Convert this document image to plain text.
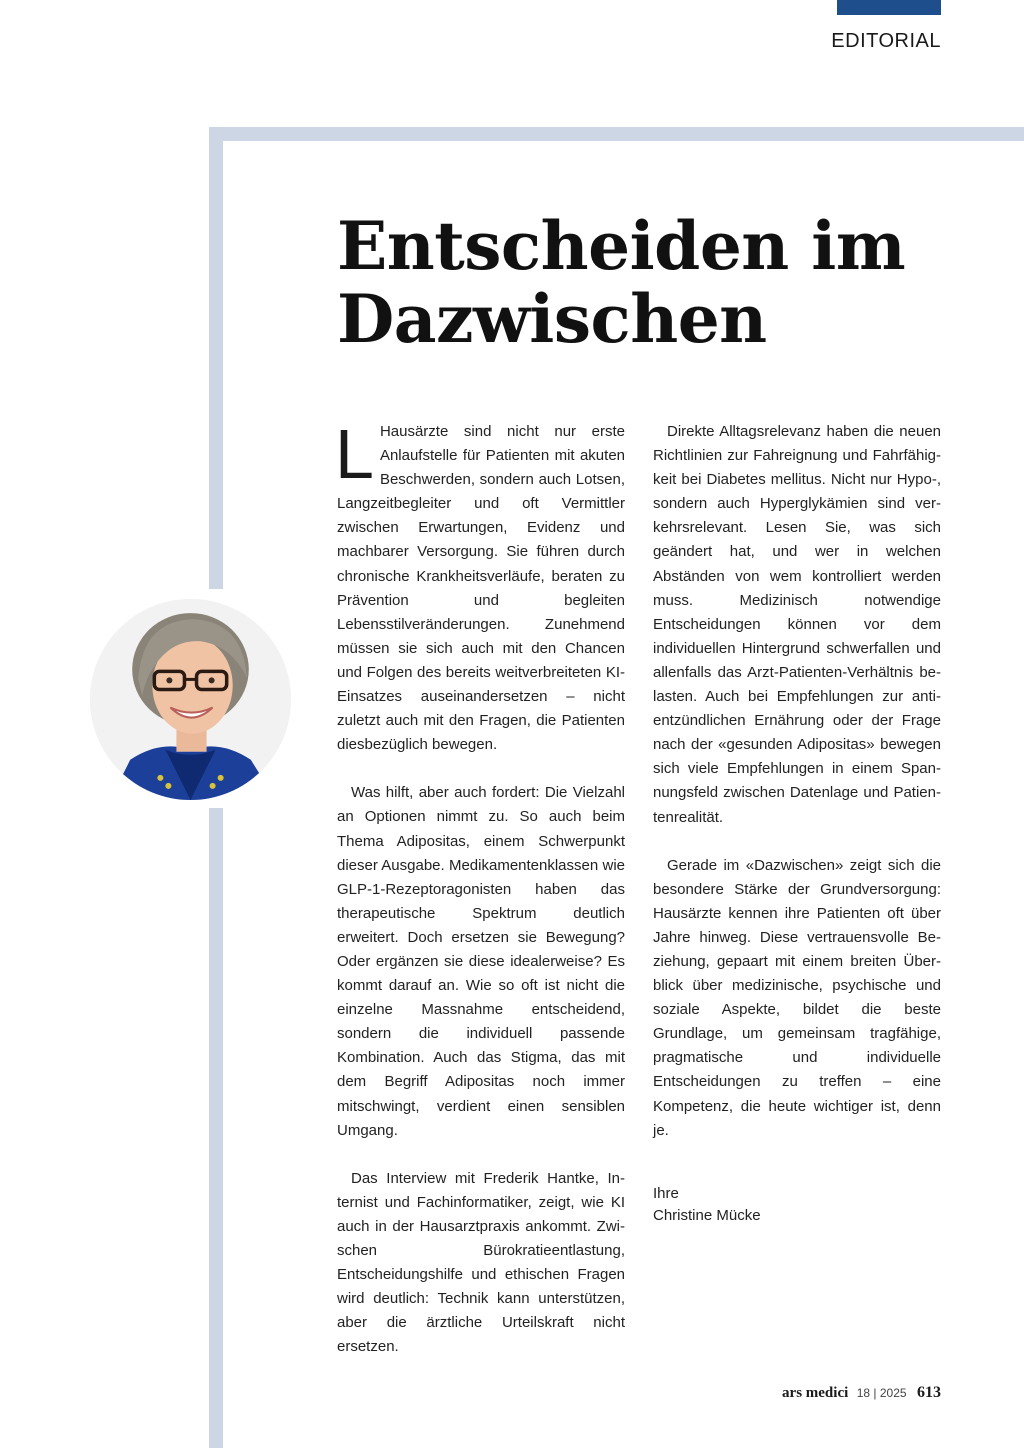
EDITORIAL
Entscheiden im
Dazwischen

L Hausärzte sind nicht nur erste Anlaufstelle für Patienten mit akuten Beschwerden, sondern auch Lotsen, Langzeitbegleiter und oft Vermittler zwischen Erwartungen, Evidenz und machbarer Versorgung. Sie führen durch chronische Krankheitsverläufe, beraten zu Prävention und begleiten Lebensstilveränderungen. Zunehmend müssen sie sich auch mit den Chancen und Folgen des bereits weitverbreiteten KI-Einsatzes auseinandersetzen – nicht zuletzt auch mit den Fragen, die Patienten diesbezüglich bewegen.

Was hilft, aber auch fordert: Die Vielzahl an Optionen nimmt zu. So auch beim Thema Adipositas, einem Schwerpunkt dieser Ausgabe. Medikamentenklassen wie GLP-1-Rezeptoragonisten haben das therapeutische Spektrum deutlich erweitert. Doch ersetzen sie Bewegung? Oder ergänzen sie diese idealerweise? Es kommt darauf an. Wie so oft ist nicht die einzelne Massnahme entscheidend, sondern die individuell passende Kombination. Auch das Stigma, das mit dem Begriff Adipositas noch immer mitschwingt, verdient einen sensiblen Umgang.

Das Interview mit Frederik Hantke, Internist und Fachinformatiker, zeigt, wie KI auch in der Hausarztpraxis ankommt. Zwischen Bürokratieentlastung, Entscheidungshilfe und ethischen Fragen wird deutlich: Technik kann unterstützen, aber die ärztliche Urteilskraft nicht ersetzen.

Direkte Alltagsrelevanz haben die neuen Richtlinien zur Fahreignung und Fahrfähigkeit bei Diabetes mellitus. Nicht nur Hypo-, sondern auch Hyperglykämien sind verkehrsrelevant. Lesen Sie, was sich geändert hat, und wer in welchen Abständen von wem kontrolliert werden muss. Medizinisch notwendige Entscheidungen können vor dem individuellen Hintergrund schwerfallen und allenfalls das Arzt-Patienten-Verhältnis belasten. Auch bei Empfehlungen zur antientzündlichen Ernährung oder der Frage nach der «gesunden Adipositas» bewegen sich viele Empfehlungen in einem Spannungsfeld zwischen Datenlage und Patientenrealität.

Gerade im «Dazwischen» zeigt sich die besondere Stärke der Grundversorgung: Hausärzte kennen ihre Patienten oft über Jahre hinweg. Diese vertrauensvolle Beziehung, gepaart mit einem breiten Überblick über medizinische, psychische und soziale Aspekte, bildet die beste Grundlage, um gemeinsam tragfähige, pragmatische und individuelle Entscheidungen zu treffen – eine Kompetenz, die heute wichtiger ist, denn je.

Ihre
Christine Mücke
ars medici 18 | 2025 613
